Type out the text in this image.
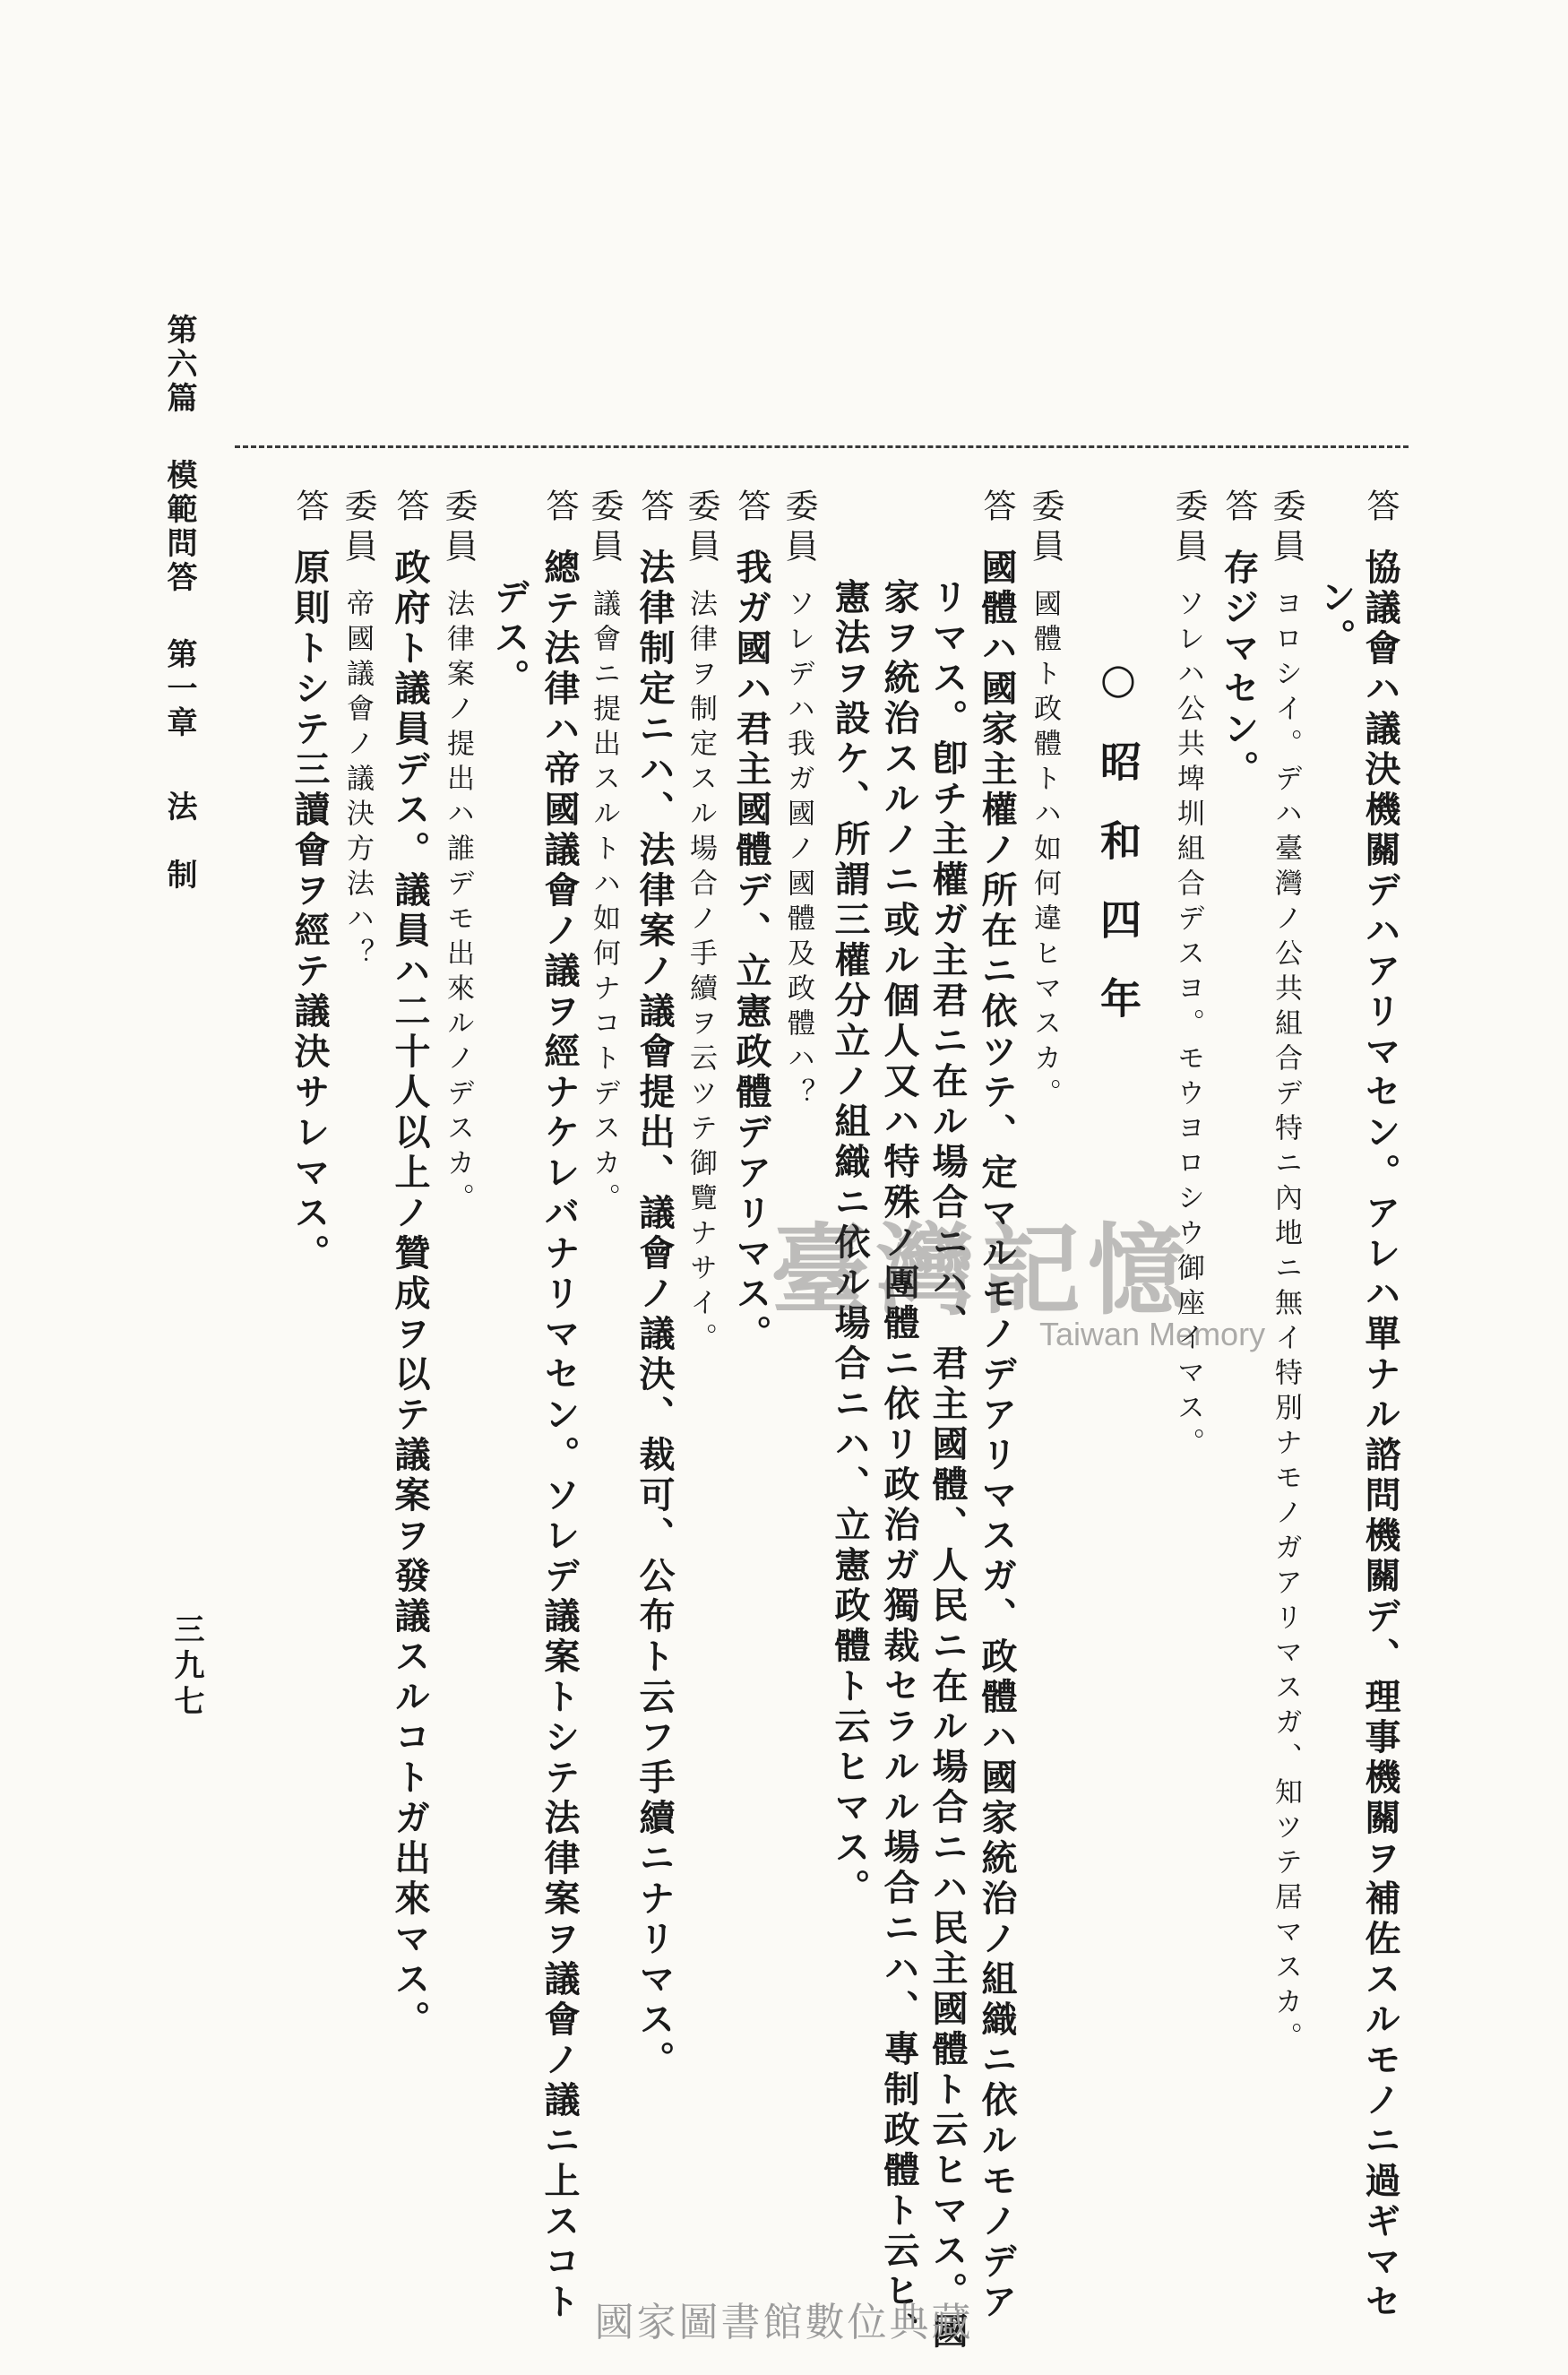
第六篇模範問答第一章法　制
三九七
○昭和四年
答協議會ハ議決機關デハアリマセン。アレハ單ナル諮問機關デ、理事機關ヲ補佐スルモノニ過ギマセ
ン。
委員ヨロシイ。デハ臺灣ノ公共組合デ特ニ內地ニ無イ特別ナモノガアリマスガ、知ツテ居マスカ。
答存ジマセン。
委員ソレハ公共埤圳組合デスヨ。モウヨロシウ御座イマス。
委員國體ト政體トハ如何違ヒマスカ。
答國體ハ國家主權ノ所在ニ依ツテ、定マルモノデアリマスガ、政體ハ國家統治ノ組織ニ依ルモノデア
リマス。卽チ主權ガ主君ニ在ル場合ニハ、君主國體、人民ニ在ル場合ニハ民主國體ト云ヒマス。國
家ヲ統治スルノニ或ル個人又ハ特殊ノ團體ニ依リ政治ガ獨裁セラルル場合ニハ、專制政體ト云ヒ、
憲法ヲ設ケ、所謂三權分立ノ組織ニ依ル場合ニハ、立憲政體ト云ヒマス。
委員ソレデハ我ガ國ノ國體及政體ハ？
答我ガ國ハ君主國體デ、立憲政體デアリマス。
委員法律ヲ制定スル場合ノ手續ヲ云ツテ御覽ナサイ。
答法律制定ニハ、法律案ノ議會提出、議會ノ議決、裁可、公布ト云フ手續ニナリマス。
委員議會ニ提出スルトハ如何ナコトデスカ。
答總テ法律ハ帝國議會ノ議ヲ經ナケレバナリマセン。ソレデ議案トシテ法律案ヲ議會ノ議ニ上スコト
デス。
委員法律案ノ提出ハ誰デモ出來ルノデスカ。
答政府ト議員デス。議員ハ二十人以上ノ贊成ヲ以テ議案ヲ發議スルコトガ出來マス。
委員帝國議會ノ議決方法ハ？
答原則トシテ三讀會ヲ經テ議決サレマス。	臺灣記憶
Taiwan Memory
國家圖書館數位典藏
